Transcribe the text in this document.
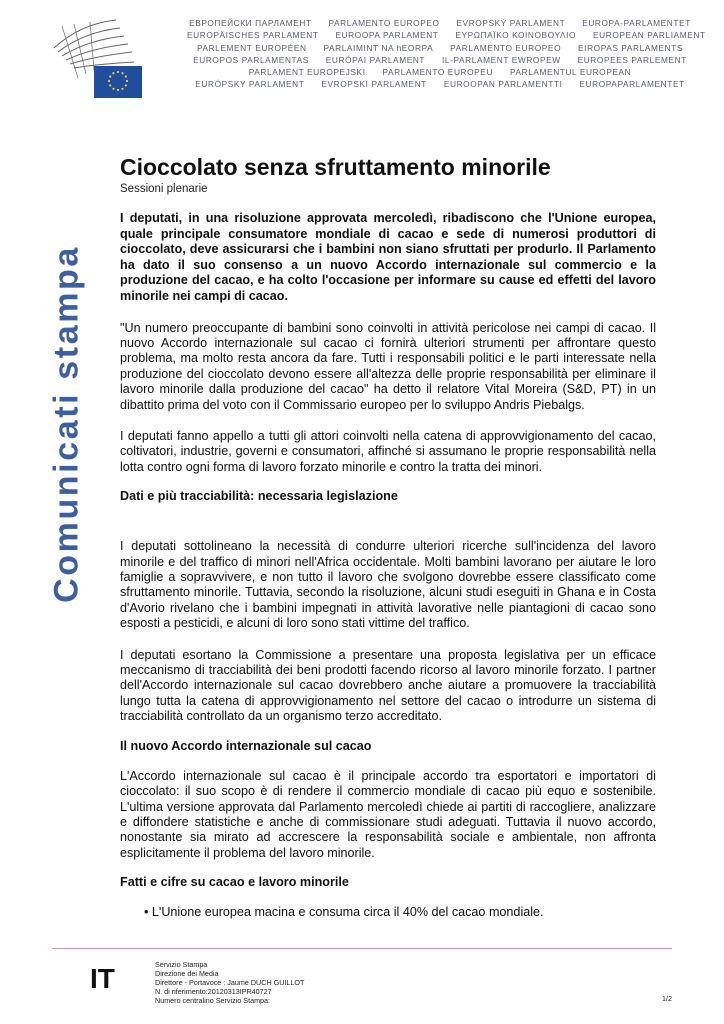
ЕВРОПЕЙСКИ ПАРЛАМЕНТ PARLAMENTO EUROPEO EVROPSKÝ PARLAMENT EUROPA-PARLAMENTET
EUROPÄISCHES PARLAMENT EUROOPA PARLAMENT ΕΥΡΩΠΑΪΚΟ ΚΟΙΝΟΒΟΥΛΙΟ EUROPEAN PARLIAMENT
PARLEMENT EUROPÉEN PARLAIMINT NA hEORPA PARLAMENTO EUROPEO EIROPAS PARLAMENTS
EUROPOS PARLAMENTAS EURÓPAI PARLAMENT IL-PARLAMENT EWROPEW EUROPEES PARLEMENT
PARLAMENT EUROPEJSKI PARLAMENTO EUROPEU PARLAMENTUL EUROPEAN
EURÓPSKY PARLAMENT EVROPSKI PARLAMENT EUROOPAN PARLAMENTTI EUROPAPARLAMENTET
Comunicati stampa
Cioccolato senza sfruttamento minorile
Sessioni plenarie
I deputati, in una risoluzione approvata mercoledì, ribadiscono che l'Unione europea, quale principale consumatore mondiale di cacao e sede di numerosi produttori di cioccolato, deve assicurarsi che i bambini non siano sfruttati per produrlo. Il Parlamento ha dato il suo consenso a un nuovo Accordo internazionale sul commercio e la produzione del cacao, e ha colto l'occasione per informare su cause ed effetti del lavoro minorile nei campi di cacao.

"Un numero preoccupante di bambini sono coinvolti in attività pericolose nei campi di cacao. Il nuovo Accordo internazionale sul cacao ci fornirà ulteriori strumenti per affrontare questo problema, ma molto resta ancora da fare. Tutti i responsabili politici e le parti interessate nella produzione del cioccolato devono essere all'altezza delle proprie responsabilità per eliminare il lavoro minorile dalla produzione del cacao" ha detto il relatore Vital Moreira (S&D, PT) in un dibattito prima del voto con il Commissario europeo per lo sviluppo Andris Piebalgs.

I deputati fanno appello a tutti gli attori coinvolti nella catena di approvvigionamento del cacao, coltivatori, industrie, governi e consumatori, affinché si assumano le proprie responsabilità nella lotta contro ogni forma di lavoro forzato minorile e contro la tratta dei minori.

Dati e più tracciabilità: necessaria legislazione

I deputati sottolineano la necessità di condurre ulteriori ricerche sull'incidenza del lavoro minorile e del traffico di minori nell'Africa occidentale. Molti bambini lavorano per aiutare le loro famiglie a sopravvivere, e non tutto il lavoro che svolgono dovrebbe essere classificato come sfruttamento minorile. Tuttavia, secondo la risoluzione, alcuni studi eseguiti in Ghana e in Costa d'Avorio rivelano che i bambini impegnati in attività lavorative nelle piantagioni di cacao sono esposti a pesticidi, e alcuni di loro sono stati vittime del traffico.

I deputati esortano la Commissione a presentare una proposta legislativa per un efficace meccanismo di tracciabilità dei beni prodotti facendo ricorso al lavoro minorile forzato. I partner dell'Accordo internazionale sul cacao dovrebbero anche aiutare a promuovere la tracciabilità lungo tutta la catena di approvvigionamento nel settore del cacao o introdurre un sistema di tracciabilità controllato da un organismo terzo accreditato.

Il nuovo Accordo internazionale sul cacao

L'Accordo internazionale sul cacao è il principale accordo tra esportatori e importatori di cioccolato: il suo scopo è di rendere il commercio mondiale di cacao più equo e sostenibile. L'ultima versione approvata dal Parlamento mercoledì chiede ai partiti di raccogliere, analizzare e diffondere statistiche e anche di commissionare studi adeguati. Tuttavia il nuovo accordo, nonostante sia mirato ad accrescere la responsabilità sociale e ambientale, non affronta esplicitamente il problema del lavoro minorile.

Fatti e cifre su cacao e lavoro minorile
• L'Unione europea macina e consuma circa il 40% del cacao mondiale.
IT	Servizio Stampa
Direzione dei Media
Direttore - Portavoce : Jaume DUCH GUILLOT
N. di riferimento:20120313IPR40727
Numero centralino Servizio Stampa:	1/2
